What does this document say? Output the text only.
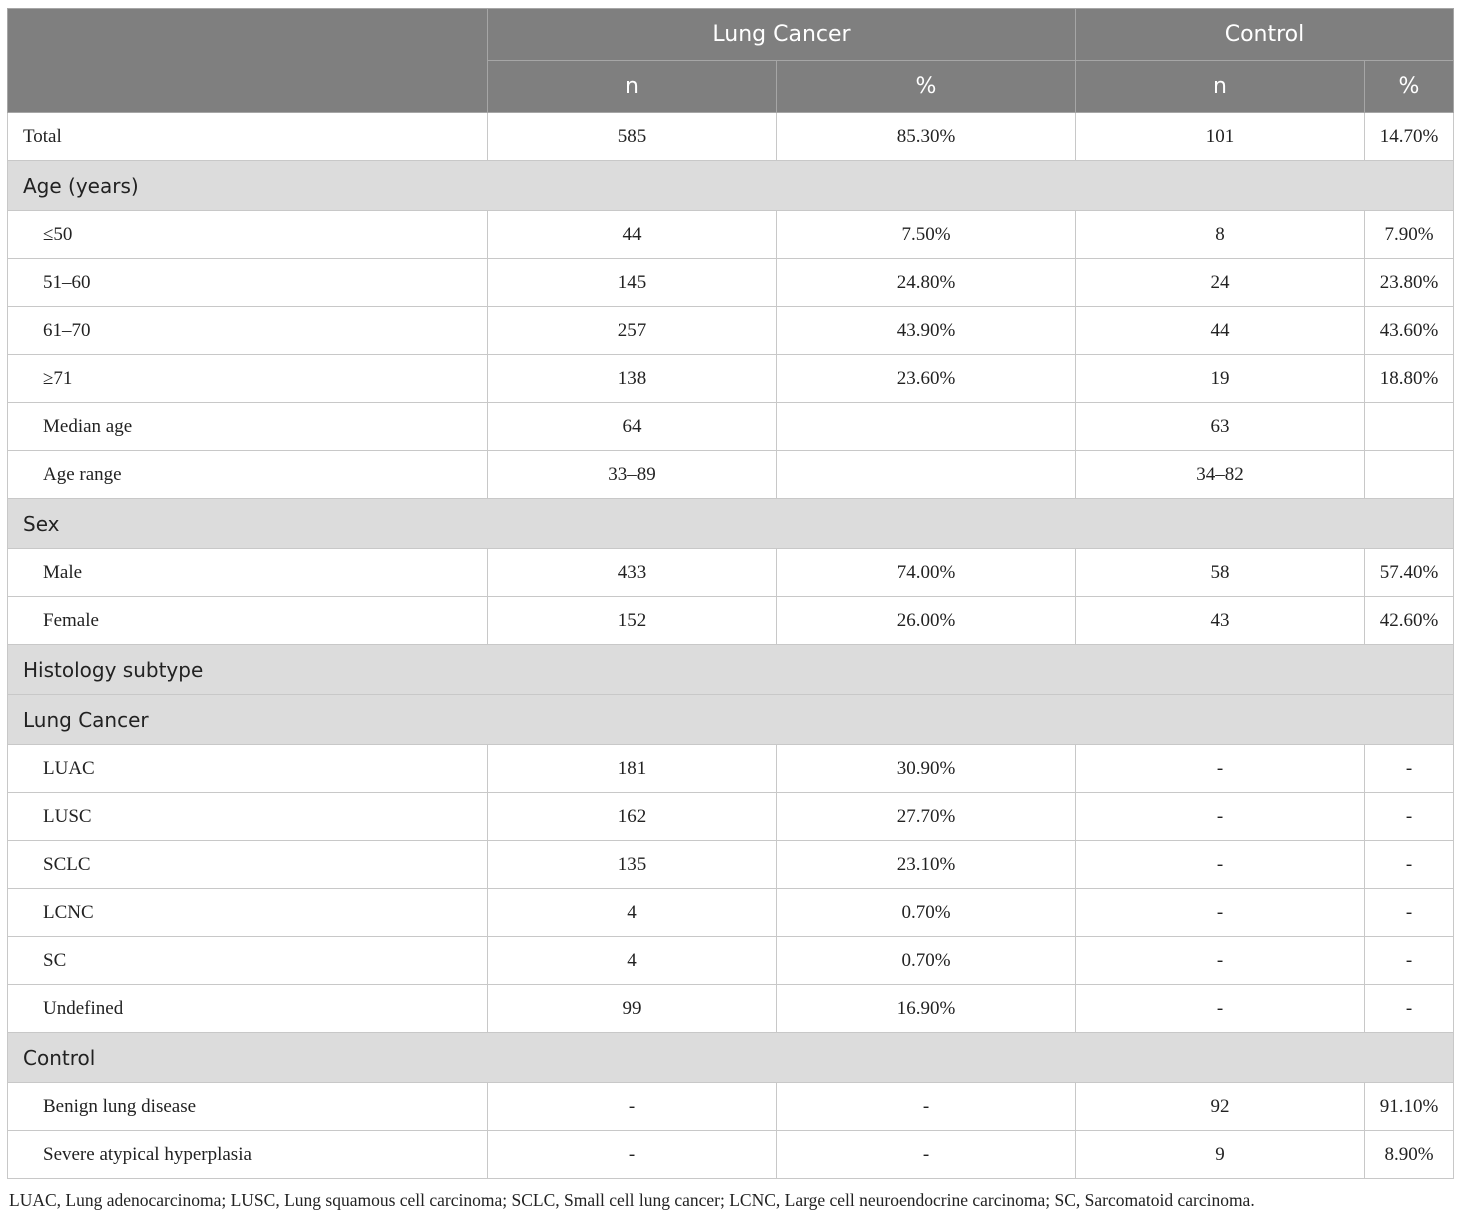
	Lung Cancer		Control	
	n	%	n	%
Total	585	85.30%	101	14.70%
Age (years)				
≤50	44	7.50%	8	7.90%
51–60	145	24.80%	24	23.80%
61–70	257	43.90%	44	43.60%
≥71	138	23.60%	19	18.80%
Median age	64		63	
Age range	33–89		34–82	
Sex				
Male	433	74.00%	58	57.40%
Female	152	26.00%	43	42.60%
Histology subtype				
Lung Cancer				
LUAC	181	30.90%	-	-
LUSC	162	27.70%	-	-
SCLC	135	23.10%	-	-
LCNC	4	0.70%	-	-
SC	4	0.70%	-	-
Undefined	99	16.90%	-	-
Control				
Benign lung disease	-	-	92	91.10%
Severe atypical hyperplasia	-	-	9	8.90%
LUAC, Lung adenocarcinoma; LUSC, Lung squamous cell carcinoma; SCLC, Small cell lung cancer; LCNC, Large cell neuroendocrine carcinoma; SC, Sarcomatoid carcinoma.
